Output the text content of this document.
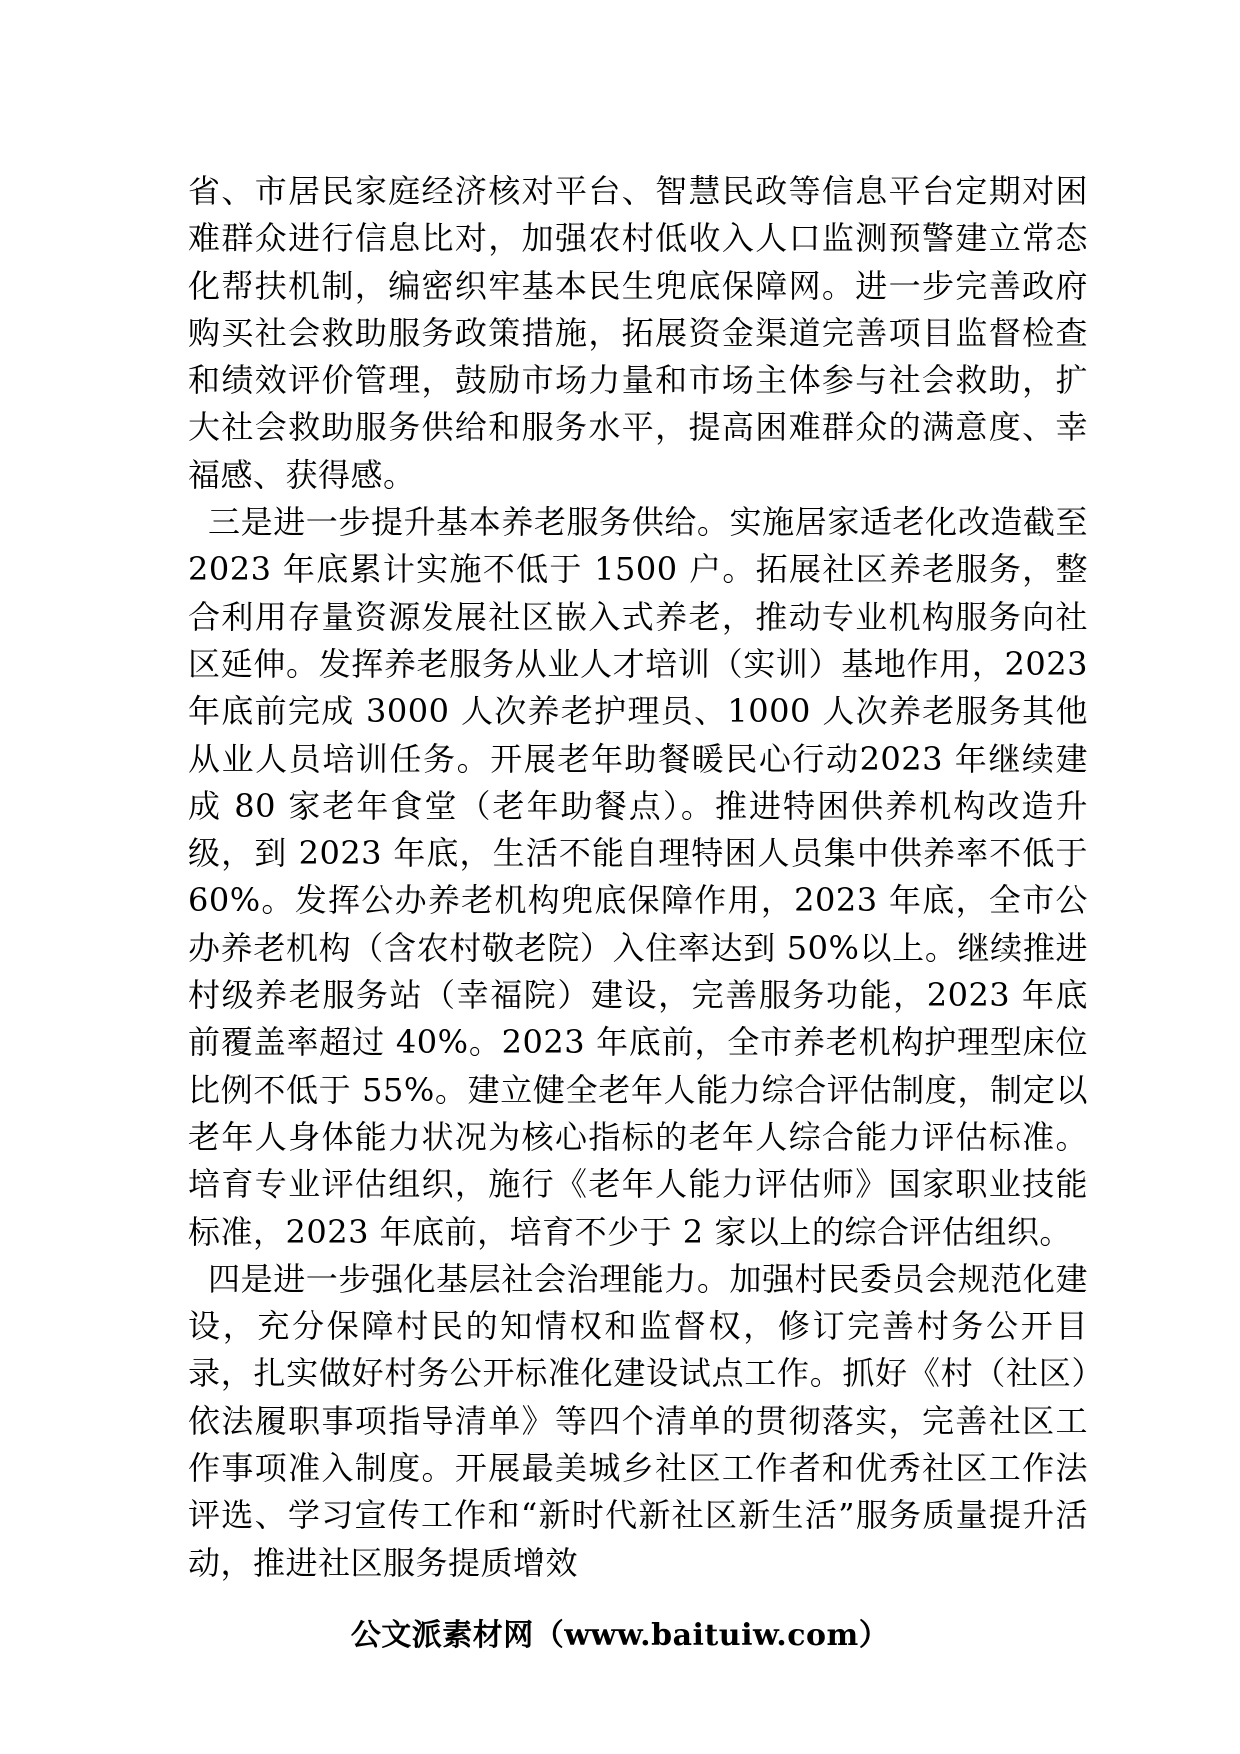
省、市居民家庭经济核对平台、智慧民政等信息平台定期对困难群众进行信息比对，加强农村低收入人口监测预警建立常态化帮扶机制，编密织牢基本民生兜底保障网。进一步完善政府购买社会救助服务政策措施，拓展资金渠道完善项目监督检查和绩效评价管理，鼓励市场力量和市场主体参与社会救助，扩大社会救助服务供给和服务水平，提高困难群众的满意度、幸福感、获得感。

三是进一步提升基本养老服务供给。实施居家适老化改造截至 2023 年底累计实施不低于 1500 户。拓展社区养老服务，整合利用存量资源发展社区嵌入式养老，推动专业机构服务向社区延伸。发挥养老服务从业人才培训（实训）基地作用，2023 年底前完成 3000 人次养老护理员、1000 人次养老服务其他从业人员培训任务。开展老年助餐暖民心行动2023 年继续建成 80 家老年食堂（老年助餐点）。推进特困供养机构改造升级，到 2023 年底，生活不能自理特困人员集中供养率不低于 60%。发挥公办养老机构兜底保障作用，2023 年底，全市公办养老机构（含农村敬老院）入住率达到 50%以上。继续推进村级养老服务站（幸福院）建设，完善服务功能，2023 年底前覆盖率超过 40%。2023 年底前，全市养老机构护理型床位比例不低于 55%。建立健全老年人能力综合评估制度，制定以老年人身体能力状况为核心指标的老年人综合能力评估标准。培育专业评估组织，施行《老年人能力评估师》国家职业技能标准，2023 年底前，培育不少于 2 家以上的综合评估组织。

四是进一步强化基层社会治理能力。加强村民委员会规范化建设，充分保障村民的知情权和监督权，修订完善村务公开目录，扎实做好村务公开标准化建设试点工作。抓好《村（社区）依法履职事项指导清单》等四个清单的贯彻落实，完善社区工作事项准入制度。开展最美城乡社区工作者和优秀社区工作法评选、学习宣传工作和“新时代新社区新生活”服务质量提升活动，推进社区服务提质增效

公文派素材网（www.baituiw.com）
